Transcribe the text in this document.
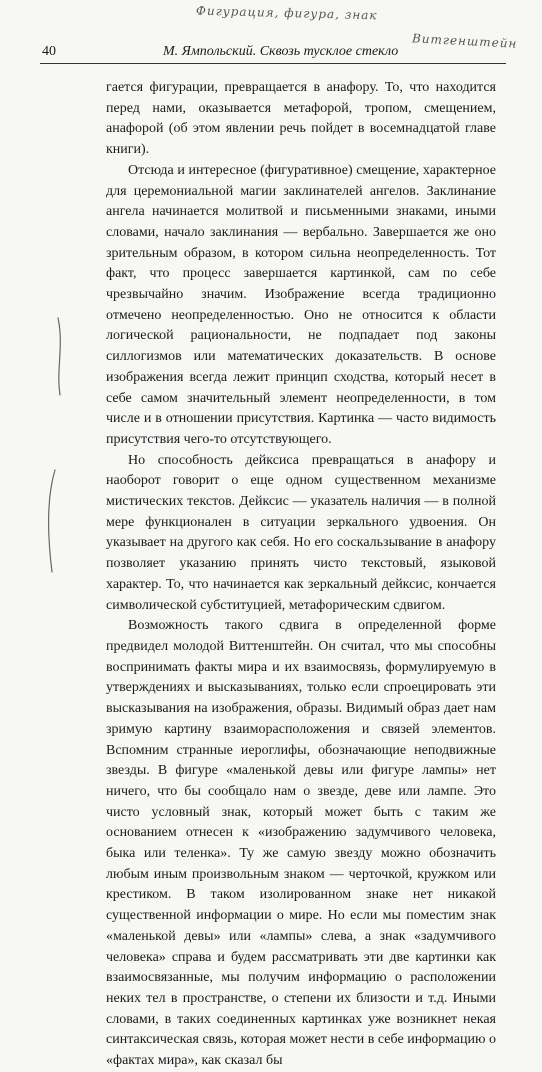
Фигурация, фигура, знак
Витгенштейн
40	М. Ямпольский. Сквозь тусклое стекло

гается фигурации, превращается в анафору. То, что находится перед нами, оказывается метафорой, тропом, смещением, анафорой (об этом явлении речь пойдет в восемнадцатой главе книги).

Отсюда и интересное (фигуративное) смещение, характерное для церемониальной магии заклинателей ангелов. Заклинание ангела начинается молитвой и письменными знаками, иными словами, начало заклинания — вербально. Завершается же оно зрительным образом, в котором сильна неопределенность. Тот факт, что процесс завершается картинкой, сам по себе чрезвычайно значим. Изображение всегда традиционно отмечено неопределенностью. Оно не относится к области логической рациональности, не подпадает под законы силлогизмов или математических доказательств. В основе изображения всегда лежит принцип сходства, который несет в себе самом значительный элемент неопределенности, в том числе и в отношении присутствия. Картинка — часто видимость присутствия чего-то отсутствующего.

Но способность дейксиса превращаться в анафору и наоборот говорит о еще одном существенном механизме мистических текстов. Дейксис — указатель наличия — в полной мере функционален в ситуации зеркального удвоения. Он указывает на другого как себя. Но его соскальзывание в анафору позволяет указанию принять чисто текстовый, языковой характер. То, что начинается как зеркальный дейксис, кончается символической субституцией, метафорическим сдвигом.

Возможность такого сдвига в определенной форме предвидел молодой Виттенштейн. Он считал, что мы способны воспринимать факты мира и их взаимосвязь, формулируемую в утверждениях и высказываниях, только если спроецировать эти высказывания на изображения, образы. Видимый образ дает нам зримую картину взаиморасположения и связей элементов. Вспомним странные иероглифы, обозначающие неподвижные звезды. В фигуре «маленькой девы или фигуре лампы» нет ничего, что бы сообщало нам о звезде, деве или лампе. Это чисто условный знак, который может быть с таким же основанием отнесен к «изображению задумчивого человека, быка или теленка». Ту же самую звезду можно обозначить любым иным произвольным знаком — черточкой, кружком или крестиком. В таком изолированном знаке нет никакой существенной информации о мире. Но если мы поместим знак «маленькой девы» или «лампы» слева, а знак «задумчивого человека» справа и будем рассматривать эти две картинки как взаимосвязанные, мы получим информацию о расположении неких тел в пространстве, о степени их близости и т.д. Иными словами, в таких соединенных картинках уже возникнет некая синтаксическая связь, которая может нести в себе информацию о «фактах мира», как сказал бы
